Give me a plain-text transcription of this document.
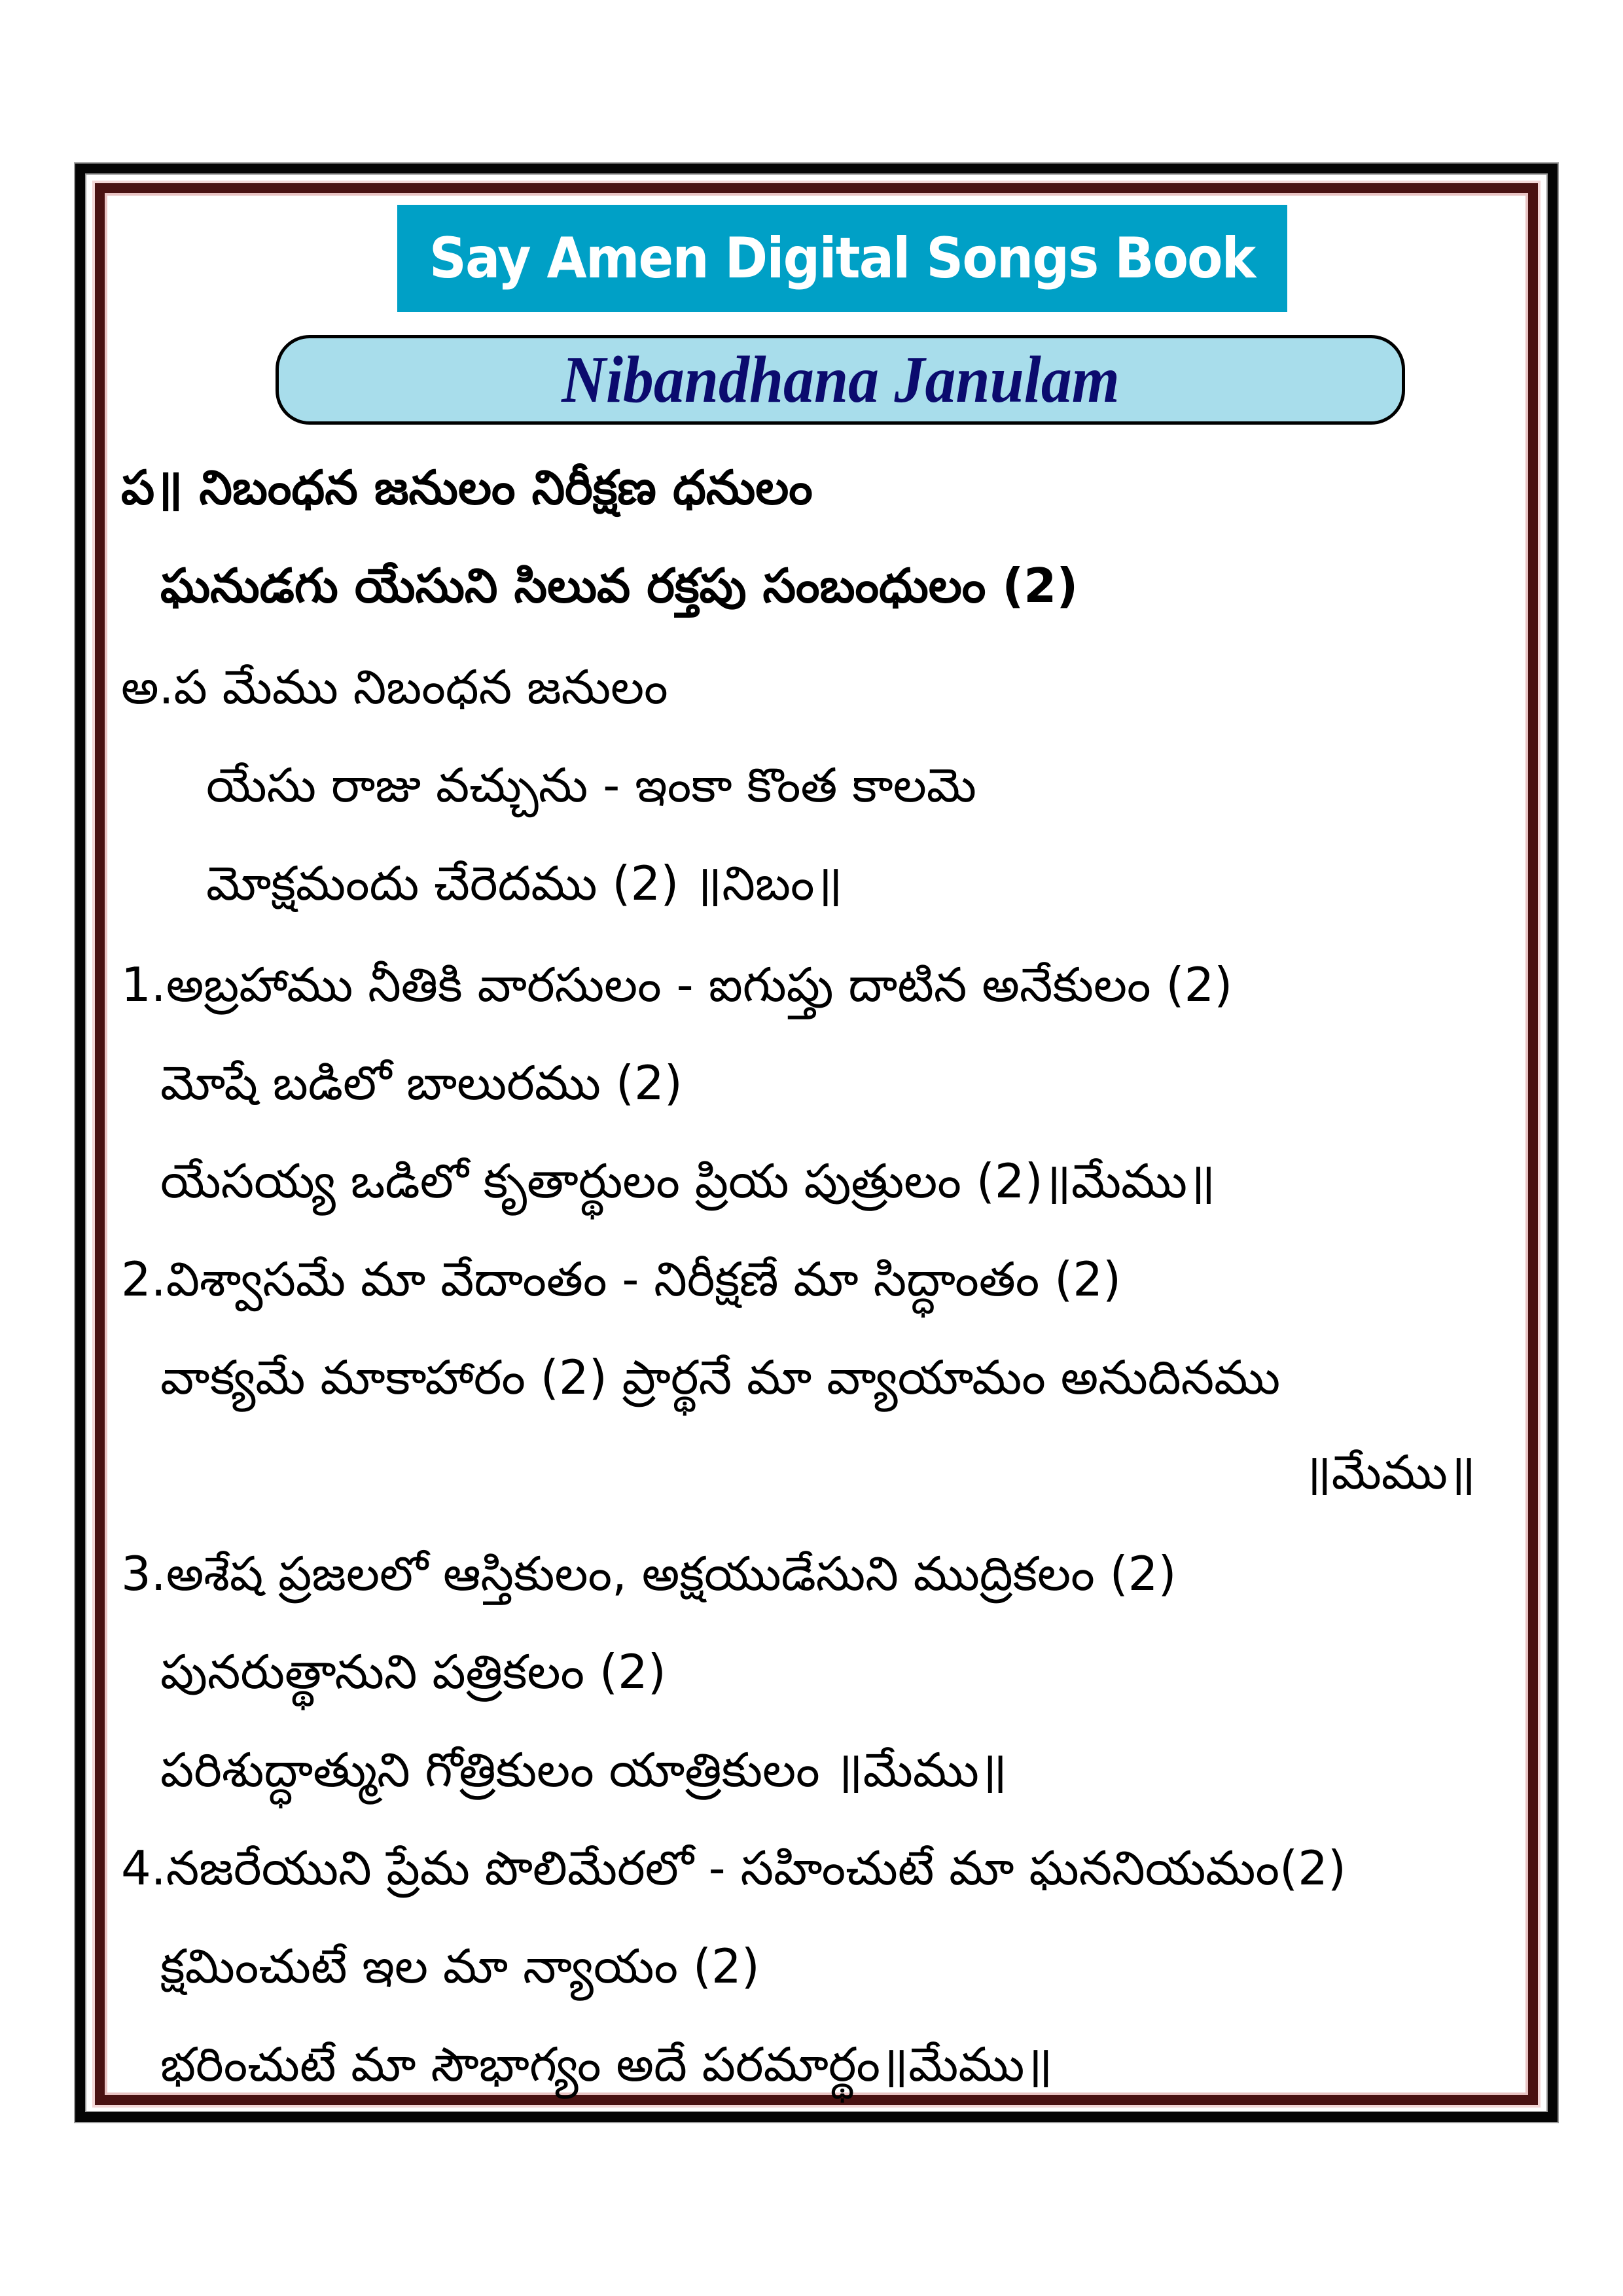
Say Amen Digital Songs Book
Nibandhana Janulam
ప॥ నిబంధన జనులం నిరీక్షణ ధనులం
ఘనుడగు యేసుని సిలువ రక్తపు సంబంధులం (2)
అ.ప మేము నిబంధన జనులం
యేసు రాజు వచ్చును - ఇంకా కొంత కాలమె
మోక్షమందు చేరెదము (2) ॥నిబం॥
1.అబ్రహాము నీతికి వారసులం - ఐగుప్తు దాటిన అనేకులం (2)
మోషే బడిలో బాలురము (2)
యేసయ్య ఒడిలో కృతార్థులం ప్రియ పుత్రులం (2)॥మేము॥
2.విశ్వాసమే మా వేదాంతం - నిరీక్షణే మా సిద్ధాంతం (2)
వాక్యమే మాకాహారం (2) ప్రార్థనే మా వ్యాయామం అనుదినము
॥మేము॥
3.అశేష ప్రజలలో ఆస్తికులం, అక్షయుడేసుని ముద్రికలం (2)
పునరుత్థానుని పత్రికలం (2)
పరిశుద్ధాత్ముని గోత్రికులం యాత్రికులం ॥మేము॥
4.నజరేయుని ప్రేమ పొలిమేరలో - సహించుటే మా ఘననియమం(2)
క్షమించుటే ఇల మా న్యాయం (2)
భరించుటే మా సౌభాగ్యం అదే పరమార్థం॥మేము॥
